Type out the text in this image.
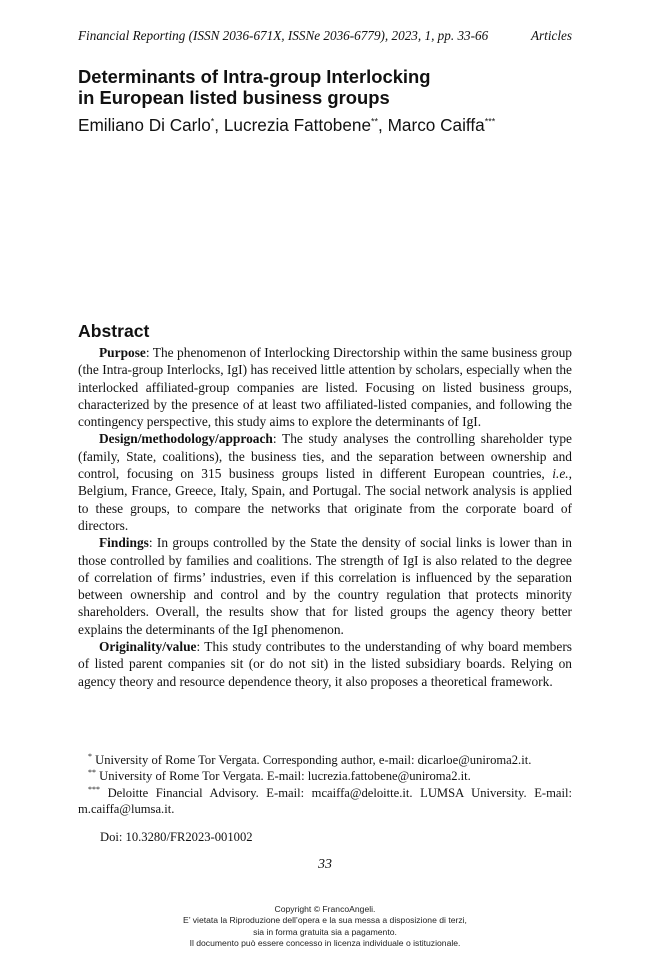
Financial Reporting (ISSN 2036-671X, ISSNe 2036-6779), 2023, 1, pp. 33-66	Articles
Determinants of Intra-group Interlocking
in European listed business groups
Emiliano Di Carlo*, Lucrezia Fattobene**, Marco Caiffa***
Abstract

Purpose: The phenomenon of Interlocking Directorship within the same business group (the Intra-group Interlocks, IgI) has received little attention by scholars, especially when the interlocked affiliated-group companies are listed. Focusing on listed business groups, characterized by the presence of at least two affiliated-listed companies, and following the contingency perspective, this study aims to explore the determinants of IgI.

Design/methodology/approach: The study analyses the controlling shareholder type (family, State, coalitions), the business ties, and the separation between ownership and control, focusing on 315 business groups listed in different European countries, i.e., Belgium, France, Greece, Italy, Spain, and Portugal. The social network analysis is applied to these groups, to compare the networks that originate from the corporate board of directors.

Findings: In groups controlled by the State the density of social links is lower than in those controlled by families and coalitions. The strength of IgI is also related to the degree of correlation of firms’ industries, even if this correlation is influenced by the separation between ownership and control and by the country regulation that protects minority shareholders. Overall, the results show that for listed groups the agency theory better explains the determinants of the IgI phenomenon.

Originality/value: This study contributes to the understanding of why board members of listed parent companies sit (or do not sit) in the listed subsidiary boards. Relying on agency theory and resource dependence theory, it also proposes a theoretical framework.

* University of Rome Tor Vergata. Corresponding author, e-mail: dicarloe@uniroma2.it.

** University of Rome Tor Vergata. E-mail: lucrezia.fattobene@uniroma2.it.

*** Deloitte Financial Advisory. E-mail: mcaiffa@deloitte.it. LUMSA University. E-mail: m.caiffa@lumsa.it.

Doi: 10.3280/FR2023-001002
33
Copyright © FrancoAngeli.
E’ vietata la Riproduzione dell’opera e la sua messa a disposizione di terzi,
sia in forma gratuita sia a pagamento.
Il documento può essere concesso in licenza individuale o istituzionale.
